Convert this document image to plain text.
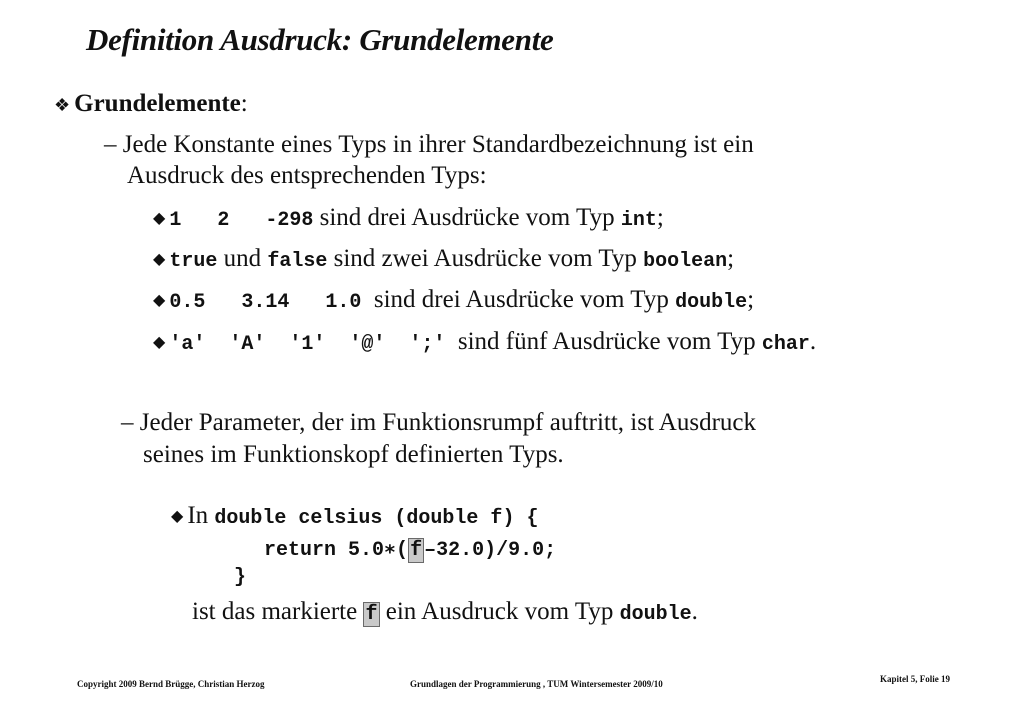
Definition Ausdruck: Grundelemente
❖ Grundelemente:
– Jede Konstante eines Typs in ihrer Standardbezeichnung ist ein
Ausdruck des entsprechenden Typs:
◆ 1   2   -298 sind drei Ausdrücke vom Typ int;
◆ true und false sind zwei Ausdrücke vom Typ boolean;
◆ 0.5   3.14   1.0  sind drei Ausdrücke vom Typ double;
◆ ′a′  ′A′  ′1′  ′@′  ′;′  sind fünf Ausdrücke vom Typ char.
– Jeder Parameter, der im Funktionsrumpf auftritt, ist Ausdruck
seines im Funktionskopf definierten Typs.
◆ In double celsius (double f) {
return 5.0∗( f –32.0)/9.0;
}
ist das markierte f ein Ausdruck vom Typ double.
Copyright 2009 Bernd Brügge, Christian Herzog	Grundlagen der Programmierung , TUM Wintersemester 2009/10	Kapitel 5, Folie 19
